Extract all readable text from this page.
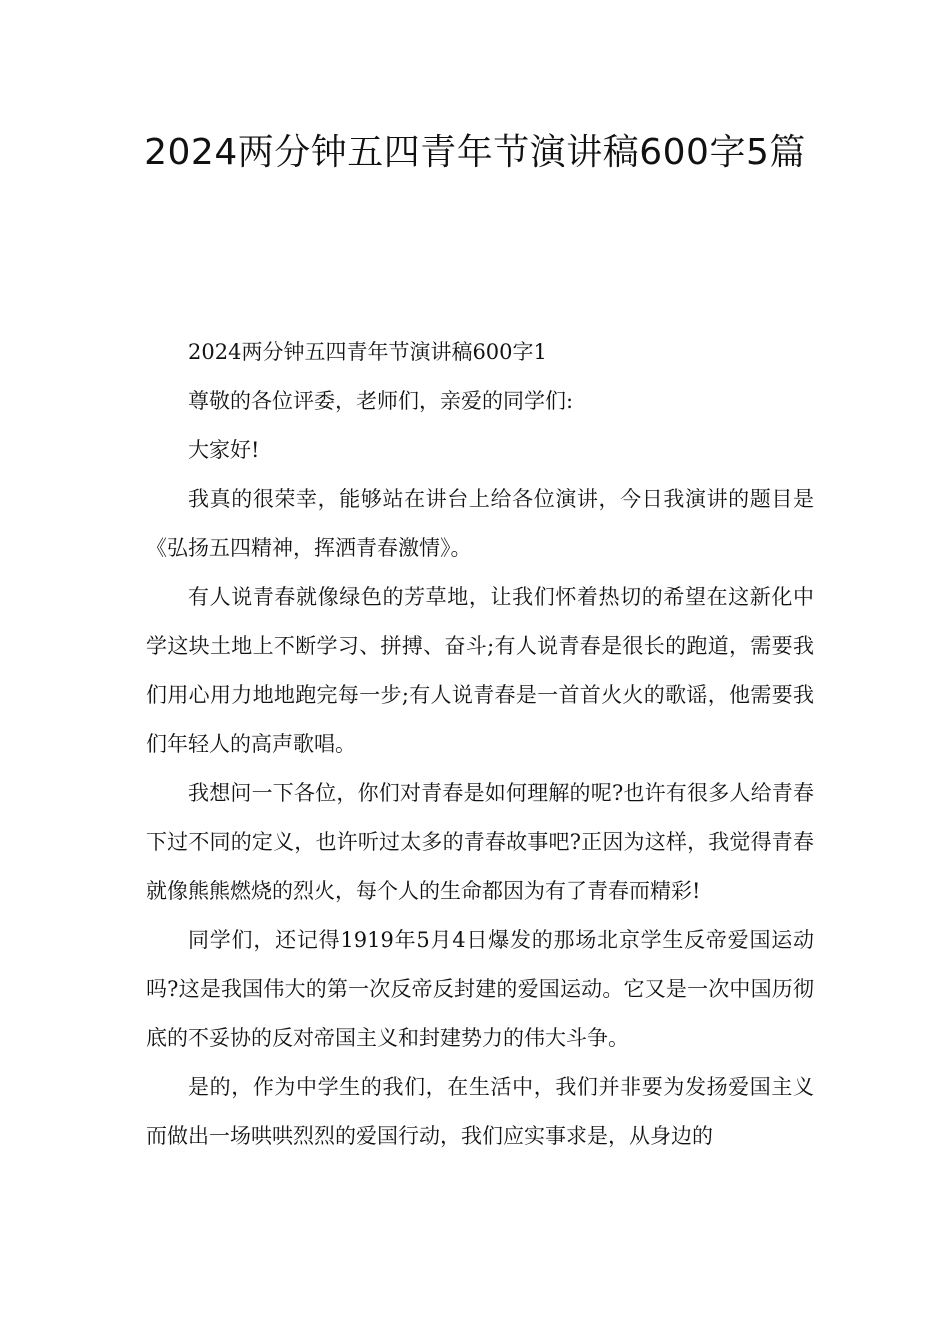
2024两分钟五四青年节演讲稿600字5篇

2024两分钟五四青年节演讲稿600字1

尊敬的各位评委，老师们，亲爱的同学们:

大家好!

我真的很荣幸，能够站在讲台上给各位演讲，今日我演讲的题目是《弘扬五四精神，挥洒青春激情》。

有人说青春就像绿色的芳草地，让我们怀着热切的希望在这新化中学这块土地上不断学习、拼搏、奋斗;有人说青春是很长的跑道，需要我们用心用力地地跑完每一步;有人说青春是一首首火火的歌谣，他需要我们年轻人的高声歌唱。

我想问一下各位，你们对青春是如何理解的呢?也许有很多人给青春下过不同的定义，也许听过太多的青春故事吧?正因为这样，我觉得青春就像熊熊燃烧的烈火，每个人的生命都因为有了青春而精彩!

同学们，还记得1919年5月4日爆发的那场北京学生反帝爱国运动吗?这是我国伟大的第一次反帝反封建的爱国运动。它又是一次中国历彻底的不妥协的反对帝国主义和封建势力的伟大斗争。

是的，作为中学生的我们，在生活中，我们并非要为发扬爱国主义而做出一场哄哄烈烈的爱国行动，我们应实事求是，从身边的
